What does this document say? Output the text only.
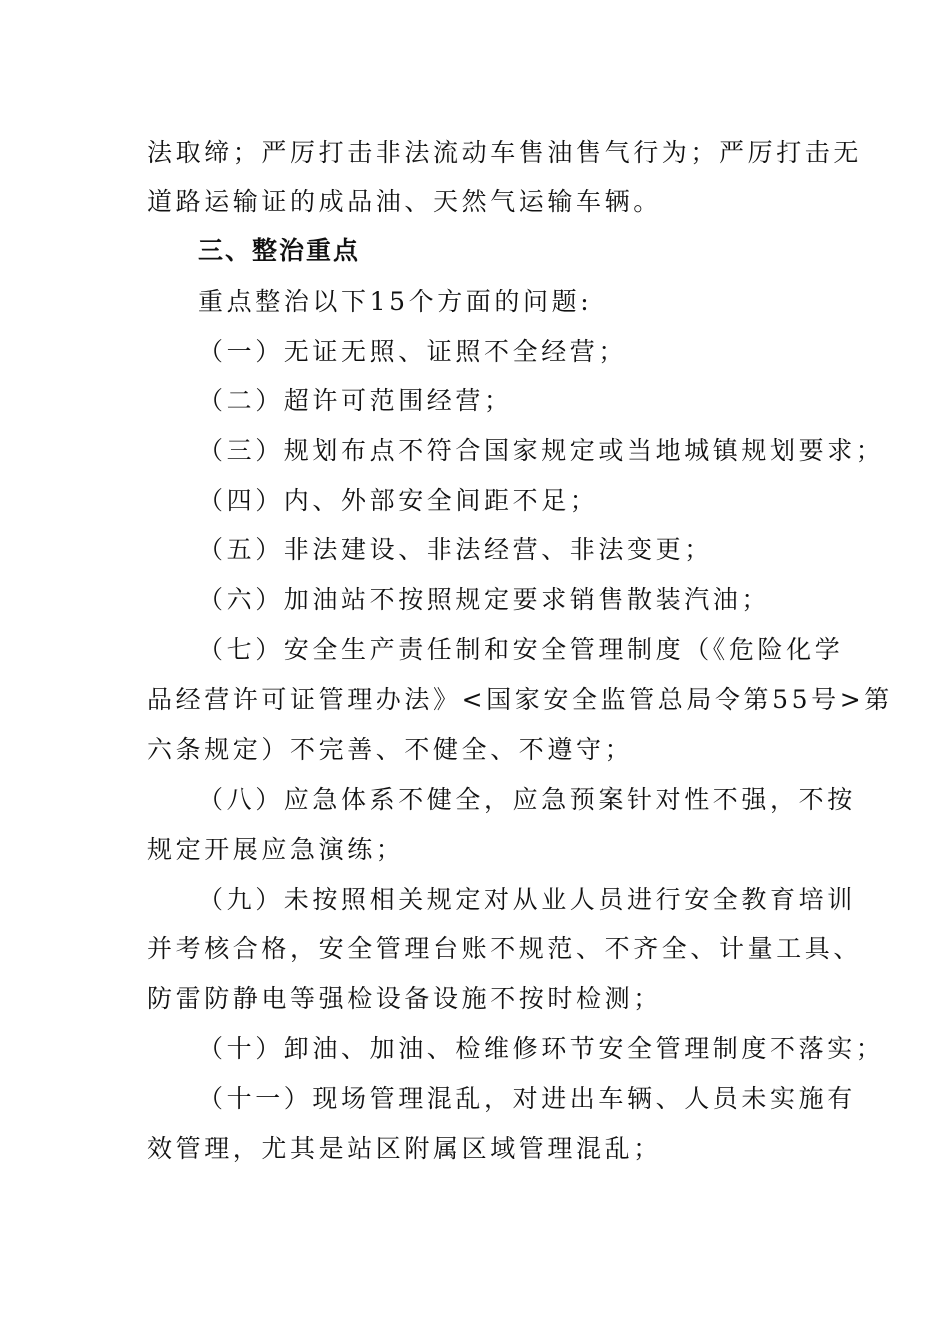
法取缔；严厉打击非法流动车售油售气行为；严厉打击无
道路运输证的成品油、天然气运输车辆。
三、整治重点
重点整治以下15个方面的问题:
（一）无证无照、证照不全经营；
（二）超许可范围经营；
（三）规划布点不符合国家规定或当地城镇规划要求；
（四）内、外部安全间距不足；
（五）非法建设、非法经营、非法变更；
（六）加油站不按照规定要求销售散装汽油；
（七）安全生产责任制和安全管理制度（《危险化学
品经营许可证管理办法》<国家安全监管总局令第55号>第
六条规定）不完善、不健全、不遵守；
（八）应急体系不健全，应急预案针对性不强，不按
规定开展应急演练；
（九）未按照相关规定对从业人员进行安全教育培训
并考核合格，安全管理台账不规范、不齐全、计量工具、
防雷防静电等强检设备设施不按时检测；
（十）卸油、加油、检维修环节安全管理制度不落实；
（十一）现场管理混乱，对进出车辆、人员未实施有
效管理，尤其是站区附属区域管理混乱；
